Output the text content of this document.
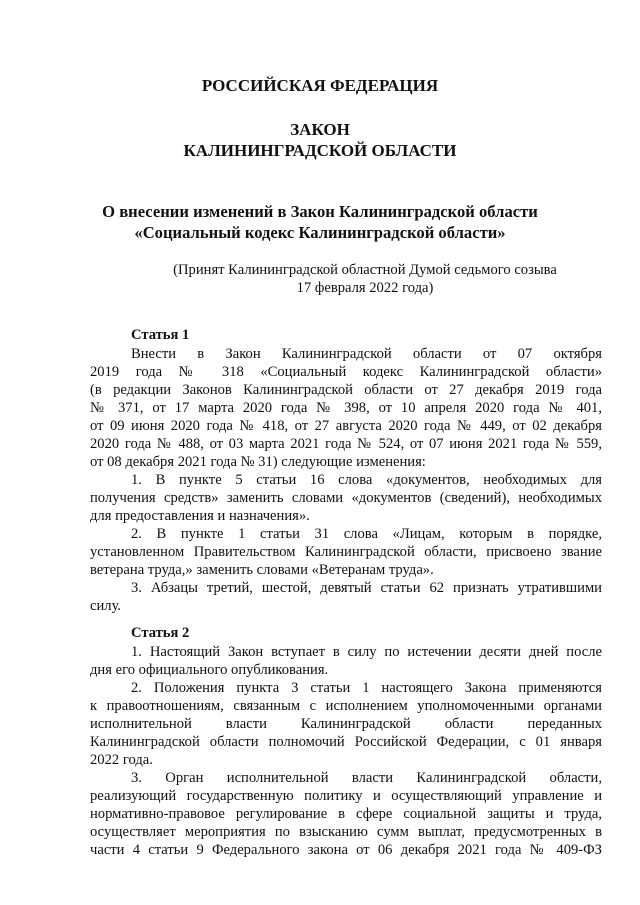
РОССИЙСКАЯ ФЕДЕРАЦИЯ
ЗАКОН
КАЛИНИНГРАДСКОЙ ОБЛАСТИ
О внесении изменений в Закон Калининградской области
«Социальный кодекс Калининградской области»
(Принят Калининградской областной Думой седьмого созыва
17 февраля 2022 года)
Статья 1
Внести в Закон Калининградской области от 07 октября
2019 года № 318 «Социальный кодекс Калининградской области»
(в редакции Законов Калининградской области от 27 декабря 2019 года
№ 371, от 17 марта 2020 года № 398, от 10 апреля 2020 года № 401,
от 09 июня 2020 года № 418, от 27 августа 2020 года № 449, от 02 декабря
2020 года № 488, от 03 марта 2021 года № 524, от 07 июня 2021 года № 559,
от 08 декабря 2021 года № 31) следующие изменения:
1. В пункте 5 статьи 16 слова «документов, необходимых для
получения средств» заменить словами «документов (сведений), необходимых
для предоставления и назначения».
2. В пункте 1 статьи 31 слова «Лицам, которым в порядке,
установленном Правительством Калининградской области, присвоено звание
ветерана труда,» заменить словами «Ветеранам труда».
3. Абзацы третий, шестой, девятый статьи 62 признать утратившими
силу.
Статья 2
1. Настоящий Закон вступает в силу по истечении десяти дней после
дня его официального опубликования.
2. Положения пункта 3 статьи 1 настоящего Закона применяются
к правоотношениям, связанным с исполнением уполномоченными органами
исполнительной власти Калининградской области переданных
Калининградской области полномочий Российской Федерации, с 01 января
2022 года.
3. Орган исполнительной власти Калининградской области,
реализующий государственную политику и осуществляющий управление и
нормативно-правовое регулирование в сфере социальной защиты и труда,
осуществляет мероприятия по взысканию сумм выплат, предусмотренных в
части 4 статьи 9 Федерального закона от 06 декабря 2021 года № 409-ФЗ
